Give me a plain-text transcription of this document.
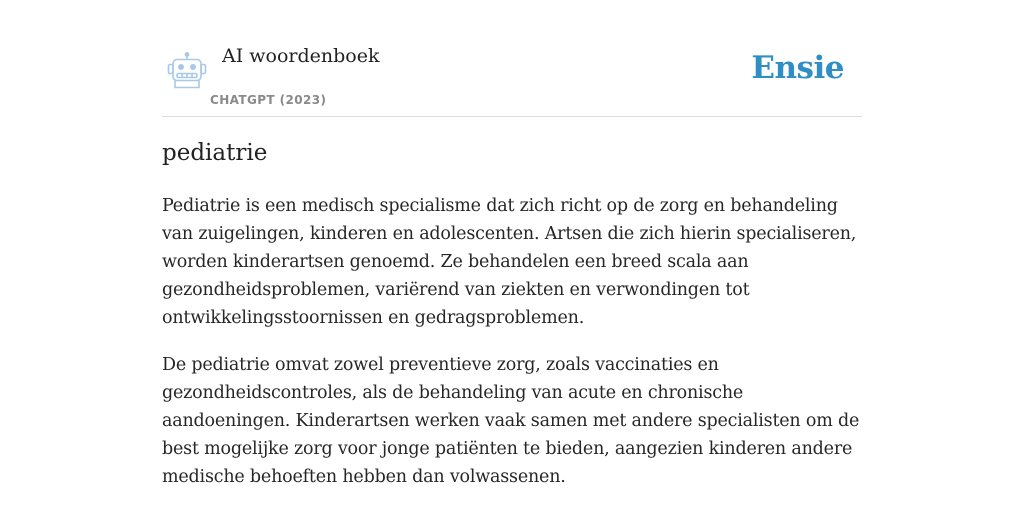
AI woordenboek
CHATGPT (2023)
Ensie
pediatrie

Pediatrie is een medisch specialisme dat zich richt op de zorg en behandeling van zuigelingen, kinderen en adolescenten. Artsen die zich hierin specialiseren, worden kinderartsen genoemd. Ze behandelen een breed scala aan gezondheidsproblemen, variërend van ziekten en verwondingen tot ontwikkelingsstoornissen en gedragsproblemen.

De pediatrie omvat zowel preventieve zorg, zoals vaccinaties en gezondheidscontroles, als de behandeling van acute en chronische aandoeningen. Kinderartsen werken vaak samen met andere specialisten om de best mogelijke zorg voor jonge patiënten te bieden, aangezien kinderen andere medische behoeften hebben dan volwassenen.
